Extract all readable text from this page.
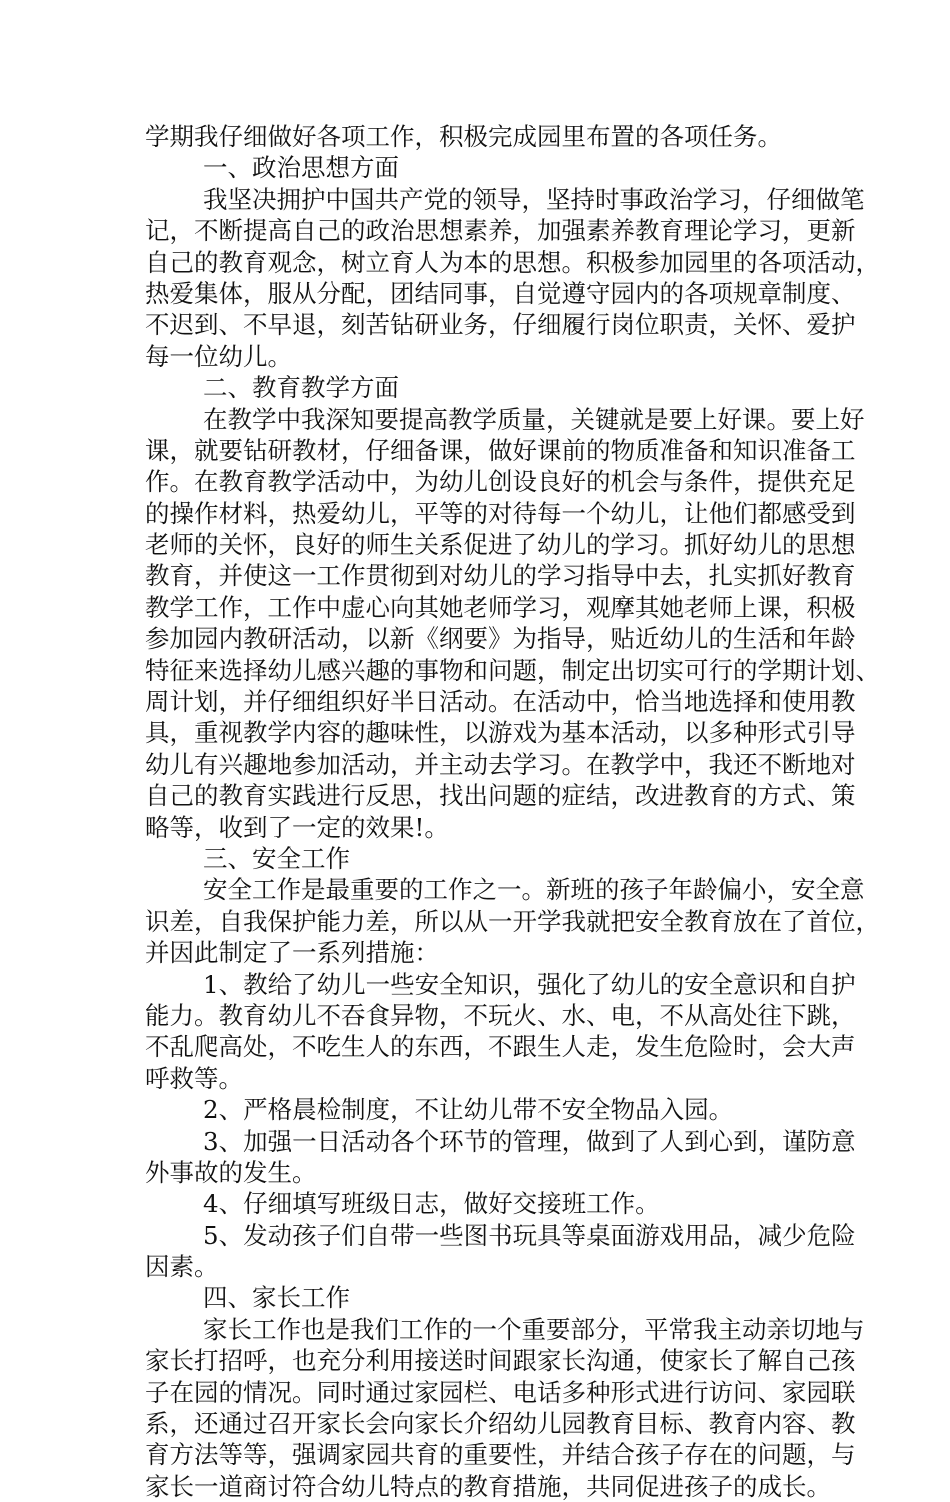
学期我仔细做好各项工作，积极完成园里布置的各项任务。
一、政治思想方面
我坚决拥护中国共产党的领导，坚持时事政治学习，仔细做笔
记，不断提高自己的政治思想素养，加强素养教育理论学习，更新
自己的教育观念，树立育人为本的思想。积极参加园里的各项活动，
热爱集体，服从分配，团结同事，自觉遵守园内的各项规章制度、
不迟到、不早退，刻苦钻研业务，仔细履行岗位职责，关怀、爱护
每一位幼儿。
二、教育教学方面
在教学中我深知要提高教学质量，关键就是要上好课。要上好
课，就要钻研教材，仔细备课，做好课前的物质准备和知识准备工
作。在教育教学活动中，为幼儿创设良好的机会与条件，提供充足
的操作材料，热爱幼儿，平等的对待每一个幼儿，让他们都感受到
老师的关怀，良好的师生关系促进了幼儿的学习。抓好幼儿的思想
教育，并使这一工作贯彻到对幼儿的学习指导中去，扎实抓好教育
教学工作，工作中虚心向其她老师学习，观摩其她老师上课，积极
参加园内教研活动，以新《纲要》为指导，贴近幼儿的生活和年龄
特征来选择幼儿感兴趣的事物和问题，制定出切实可行的学期计划、
周计划，并仔细组织好半日活动。在活动中，恰当地选择和使用教
具，重视教学内容的趣味性，以游戏为基本活动，以多种形式引导
幼儿有兴趣地参加活动，并主动去学习。在教学中，我还不断地对
自己的教育实践进行反思，找出问题的症结，改进教育的方式、策
略等，收到了一定的效果!。
三、安全工作
安全工作是最重要的工作之一。新班的孩子年龄偏小，安全意
识差，自我保护能力差，所以从一开学我就把安全教育放在了首位，
并因此制定了一系列措施：
1、教给了幼儿一些安全知识，强化了幼儿的安全意识和自护
能力。教育幼儿不吞食异物，不玩火、水、电，不从高处往下跳，
不乱爬高处，不吃生人的东西，不跟生人走，发生危险时，会大声
呼救等。
2、严格晨检制度，不让幼儿带不安全物品入园。
3、加强一日活动各个环节的管理，做到了人到心到，谨防意
外事故的发生。
4、仔细填写班级日志，做好交接班工作。
5、发动孩子们自带一些图书玩具等桌面游戏用品，减少危险
因素。
四、家长工作
家长工作也是我们工作的一个重要部分，平常我主动亲切地与
家长打招呼，也充分利用接送时间跟家长沟通，使家长了解自己孩
子在园的情况。同时通过家园栏、电话多种形式进行访问、家园联
系，还通过召开家长会向家长介绍幼儿园教育目标、教育内容、教
育方法等等，强调家园共育的重要性，并结合孩子存在的问题，与
家长一道商讨符合幼儿特点的教育措施，共同促进孩子的成长。
